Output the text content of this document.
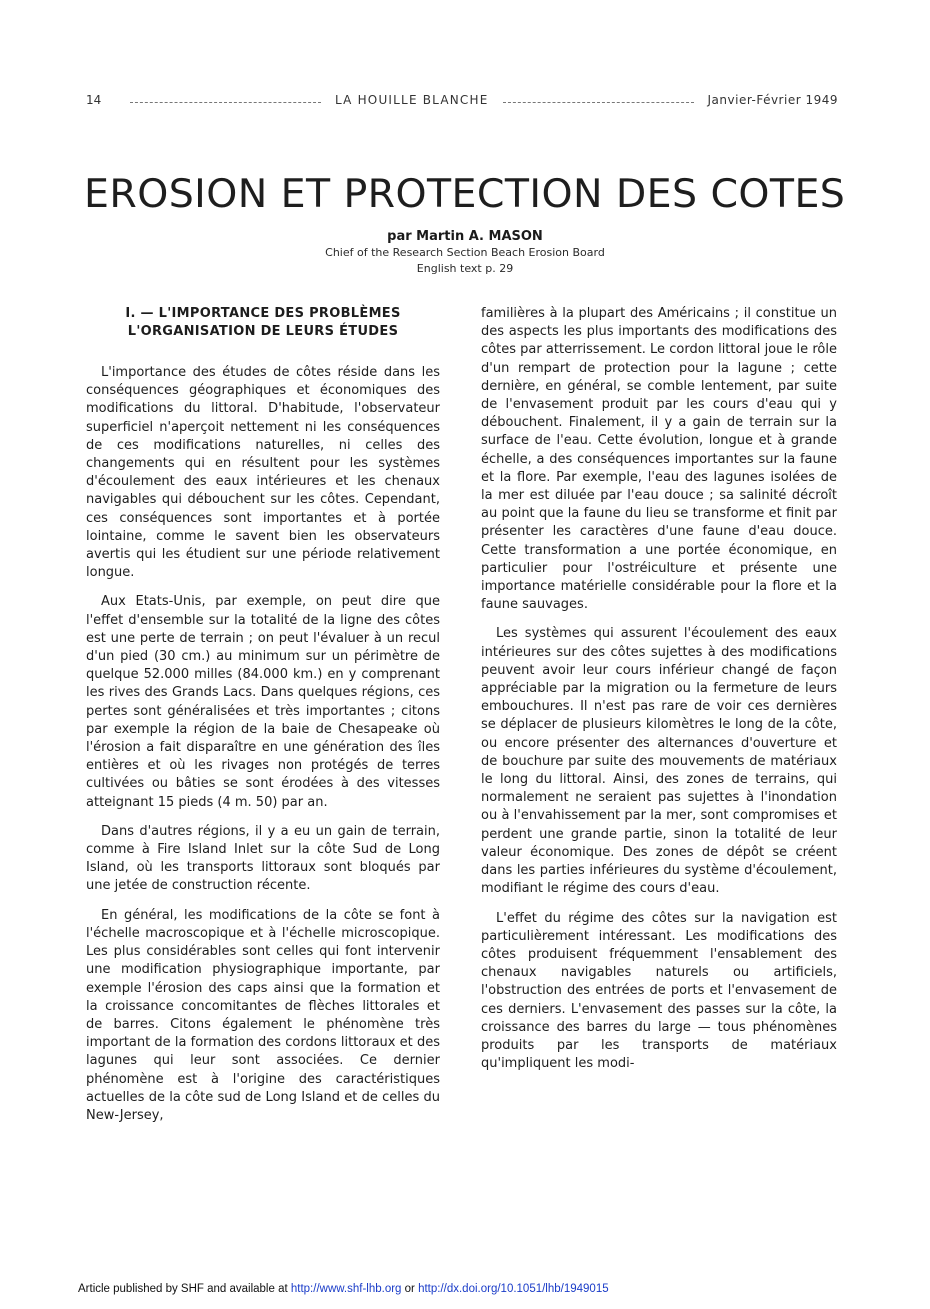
14	LA HOUILLE BLANCHE	Janvier-Février 1949
EROSION ET PROTECTION DES COTES
par Martin A. MASON
Chief of the Research Section Beach Erosion Board
English text p. 29
I. — L'IMPORTANCE DES PROBLÈMES
L'ORGANISATION DE LEURS ÉTUDES

L'importance des études de côtes réside dans les conséquences géographiques et économiques des modifications du littoral. D'habitude, l'observateur superficiel n'aperçoit nettement ni les conséquences de ces modifications naturelles, ni celles des changements qui en résultent pour les systèmes d'écoulement des eaux intérieures et les chenaux navigables qui débouchent sur les côtes. Cependant, ces conséquences sont importantes et à portée lointaine, comme le savent bien les observateurs avertis qui les étudient sur une période relativement longue.

Aux Etats-Unis, par exemple, on peut dire que l'effet d'ensemble sur la totalité de la ligne des côtes est une perte de terrain ; on peut l'évaluer à un recul d'un pied (30 cm.) au minimum sur un périmètre de quelque 52.000 milles (84.000 km.) en y comprenant les rives des Grands Lacs. Dans quelques régions, ces pertes sont généralisées et très importantes ; citons par exemple la région de la baie de Chesapeake où l'érosion a fait disparaître en une génération des îles entières et où les rivages non protégés de terres cultivées ou bâties se sont érodées à des vitesses atteignant 15 pieds (4 m. 50) par an.

Dans d'autres régions, il y a eu un gain de terrain, comme à Fire Island Inlet sur la côte Sud de Long Island, où les transports littoraux sont bloqués par une jetée de construction récente.

En général, les modifications de la côte se font à l'échelle macroscopique et à l'échelle microscopique. Les plus considérables sont celles qui font intervenir une modification physiographique importante, par exemple l'érosion des caps ainsi que la formation et la croissance concomitantes de flèches littorales et de barres. Citons également le phénomène très important de la formation des cordons littoraux et des lagunes qui leur sont associées. Ce dernier phénomène est à l'origine des caractéristiques actuelles de la côte sud de Long Island et de celles du New-Jersey,

familières à la plupart des Américains ; il constitue un des aspects les plus importants des modifications des côtes par atterrissement. Le cordon littoral joue le rôle d'un rempart de protection pour la lagune ; cette dernière, en général, se comble lentement, par suite de l'envasement produit par les cours d'eau qui y débouchent. Finalement, il y a gain de terrain sur la surface de l'eau. Cette évolution, longue et à grande échelle, a des conséquences importantes sur la faune et la flore. Par exemple, l'eau des lagunes isolées de la mer est diluée par l'eau douce ; sa salinité décroît au point que la faune du lieu se transforme et finit par présenter les caractères d'une faune d'eau douce. Cette transformation a une portée économique, en particulier pour l'ostréiculture et présente une importance matérielle considérable pour la flore et la faune sauvages.

Les systèmes qui assurent l'écoulement des eaux intérieures sur des côtes sujettes à des modifications peuvent avoir leur cours inférieur changé de façon appréciable par la migration ou la fermeture de leurs embouchures. Il n'est pas rare de voir ces dernières se déplacer de plusieurs kilomètres le long de la côte, ou encore présenter des alternances d'ouverture et de bouchure par suite des mouvements de matériaux le long du littoral. Ainsi, des zones de terrains, qui normalement ne seraient pas sujettes à l'inondation ou à l'envahissement par la mer, sont compromises et perdent une grande partie, sinon la totalité de leur valeur économique. Des zones de dépôt se créent dans les parties inférieures du système d'écoulement, modifiant le régime des cours d'eau.

L'effet du régime des côtes sur la navigation est particulièrement intéressant. Les modifications des côtes produisent fréquemment l'ensablement des chenaux navigables naturels ou artificiels, l'obstruction des entrées de ports et l'envasement de ces derniers. L'envasement des passes sur la côte, la croissance des barres du large — tous phénomènes produits par les transports de matériaux qu'impliquent les modi-

Article published by SHF and available at http://www.shf-lhb.org or http://dx.doi.org/10.1051/lhb/1949015
